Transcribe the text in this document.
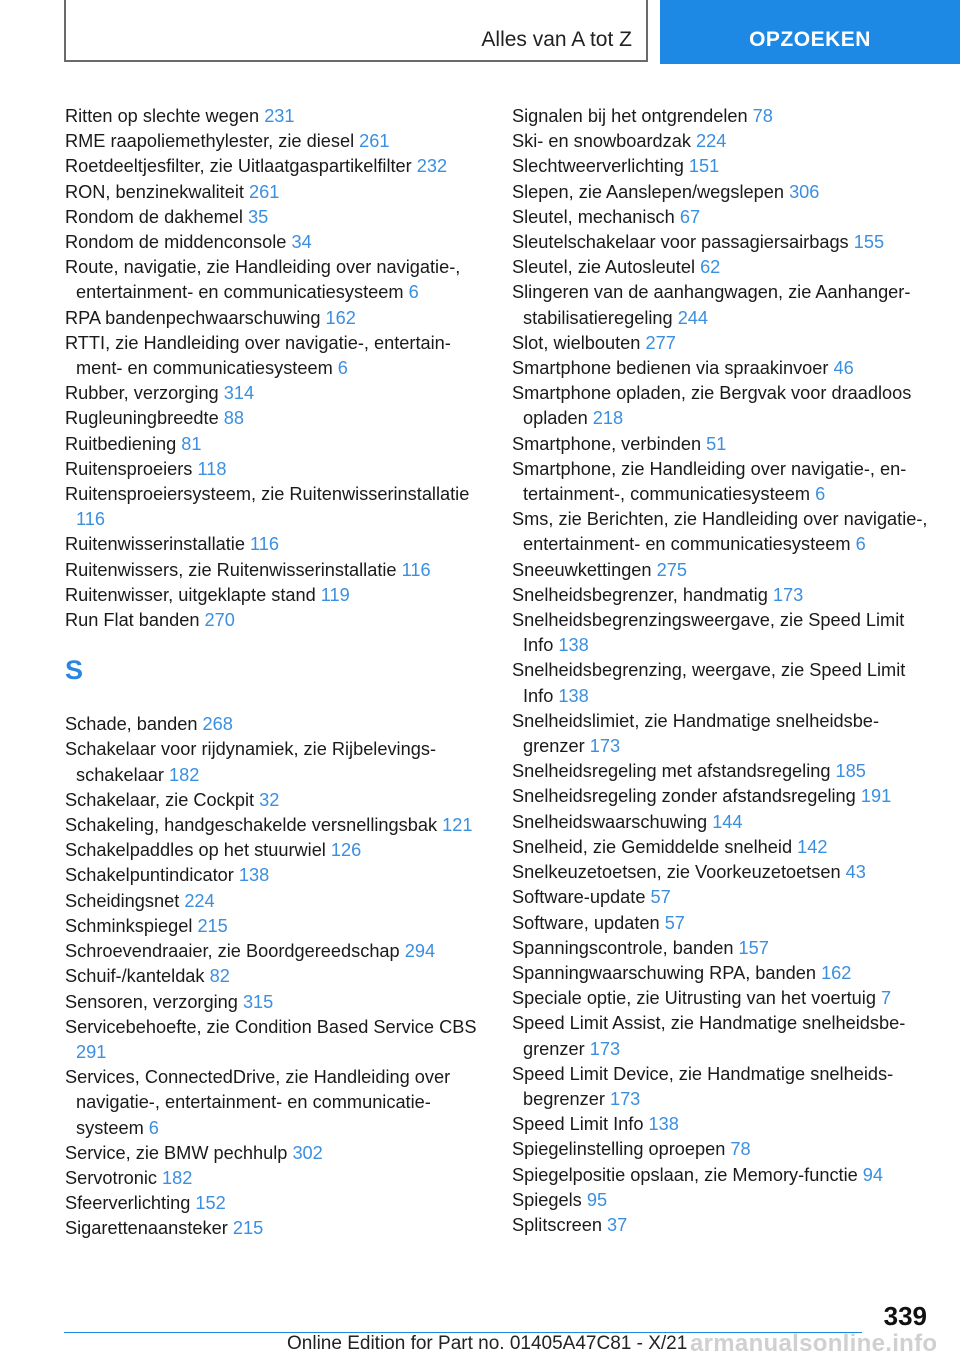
Alles van A tot Z	OPZOEKEN
Ritten op slechte wegen 231
RME raapoliemethylester, zie diesel 261
Roetdeeltjesfilter, zie Uitlaatgaspartikelfilter 232
RON, benzinekwaliteit 261
Rondom de dakhemel 35
Rondom de middenconsole 34
Route, navigatie, zie Handleiding over navigatie-, entertainment- en communicatiesysteem 6
RPA bandenpechwaarschuwing 162
RTTI, zie Handleiding over navigatie-, entertainment- en communicatiesysteem 6
Rubber, verzorging 314
Rugleuningbreedte 88
Ruitbediening 81
Ruitensproeiers 118
Ruitensproeiersysteem, zie Ruitenwisserinstallatie 116
Ruitenwisserinstallatie 116
Ruitenwissers, zie Ruitenwisserinstallatie 116
Ruitenwisser, uitgeklapte stand 119
Run Flat banden 270
S
Schade, banden 268
Schakelaar voor rijdynamiek, zie Rijbelevingsschakelaar 182
Schakelaar, zie Cockpit 32
Schakeling, handgeschakelde versnellingsbak 121
Schakelpaddles op het stuurwiel 126
Schakelpuntindicator 138
Scheidingsnet 224
Schminkspiegel 215
Schroevendraaier, zie Boordgereedschap 294
Schuif-/kanteldak 82
Sensoren, verzorging 315
Servicebehoefte, zie Condition Based Service CBS 291
Services, ConnectedDrive, zie Handleiding over navigatie-, entertainment- en communicatiesysteem 6
Service, zie BMW pechhulp 302
Servotronic 182
Sfeerverlichting 152
Sigarettenaansteker 215
Signalen bij het ontgrendelen 78
Ski- en snowboardzak 224
Slechtweerverlichting 151
Slepen, zie Aanslepen/wegslepen 306
Sleutel, mechanisch 67
Sleutelschakelaar voor passagiersairbags 155
Sleutel, zie Autosleutel 62
Slingeren van de aanhangwagen, zie Aanhangerstabilisatieregeling 244
Slot, wielbouten 277
Smartphone bedienen via spraakinvoer 46
Smartphone opladen, zie Bergvak voor draadloos opladen 218
Smartphone, verbinden 51
Smartphone, zie Handleiding over navigatie-, entertainment-, communicatiesysteem 6
Sms, zie Berichten, zie Handleiding over navigatie-, entertainment- en communicatiesysteem 6
Sneeuwkettingen 275
Snelheidsbegrenzer, handmatig 173
Snelheidsbegrenzingsweergave, zie Speed Limit Info 138
Snelheidsbegrenzing, weergave, zie Speed Limit Info 138
Snelheidslimiet, zie Handmatige snelheidsbegrenzer 173
Snelheidsregeling met afstandsregeling 185
Snelheidsregeling zonder afstandsregeling 191
Snelheidswaarschuwing 144
Snelheid, zie Gemiddelde snelheid 142
Snelkeuzetoetsen, zie Voorkeuzetoetsen 43
Software-update 57
Software, updaten 57
Spanningscontrole, banden 157
Spanningwaarschuwing RPA, banden 162
Speciale optie, zie Uitrusting van het voertuig 7
Speed Limit Assist, zie Handmatige snelheidsbegrenzer 173
Speed Limit Device, zie Handmatige snelheidsbegrenzer 173
Speed Limit Info 138
Spiegelinstelling oproepen 78
Spiegelpositie opslaan, zie Memory-functie 94
Spiegels 95
Splitscreen 37
339
Online Edition for Part no. 01405A47C81 - X/21 armanualsonline.info
